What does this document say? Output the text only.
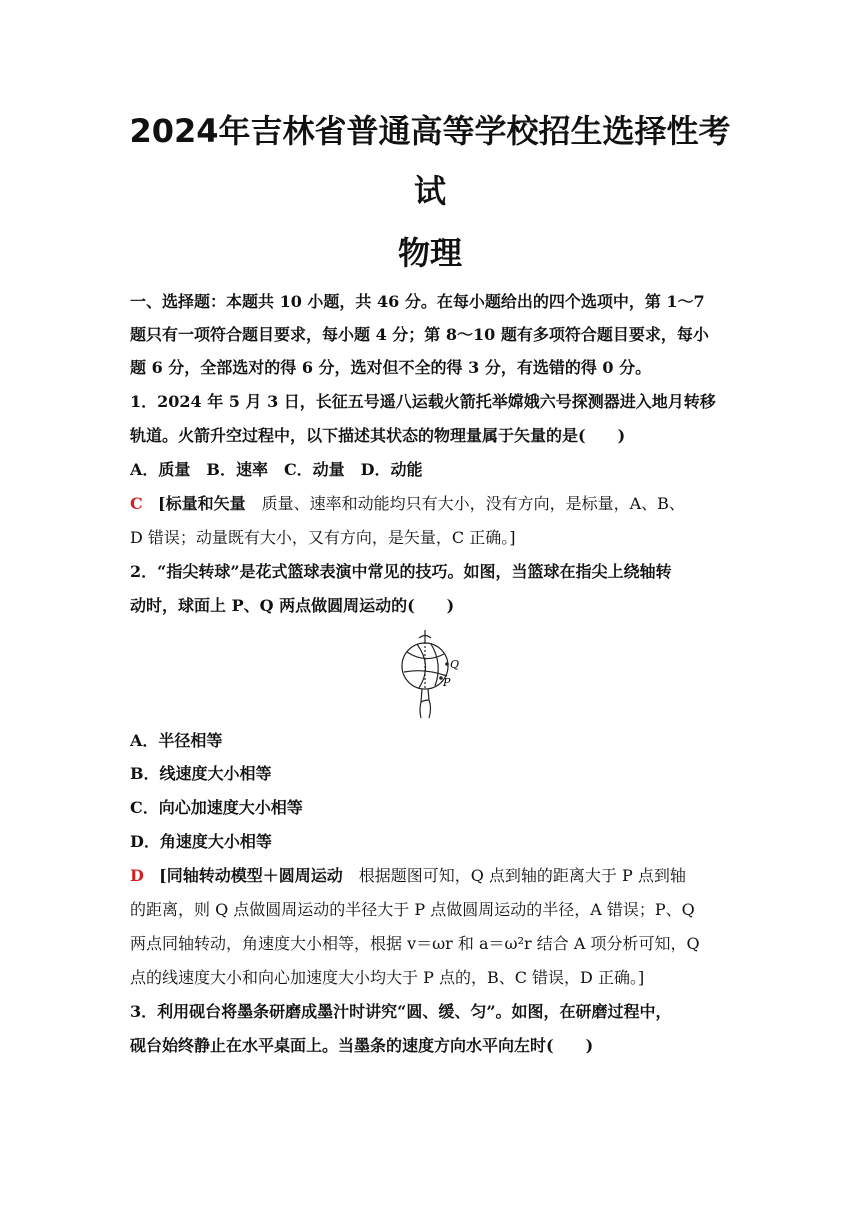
2024年吉林省普通高等学校招生选择性考
试
物理
一、选择题：本题共 10 小题，共 46 分。在每小题给出的四个选项中，第 1～7
题只有一项符合题目要求，每小题 4 分；第 8～10 题有多项符合题目要求，每小
题 6 分，全部选对的得 6 分，选对但不全的得 3 分，有选错的得 0 分。
1．2024 年 5 月 3 日，长征五号遥八运载火箭托举嫦娥六号探测器进入地月转移
轨道。火箭升空过程中，以下描述其状态的物理量属于矢量的是(　　)
A．质量　B．速率　C．动量　D．动能
C [标量和矢量　质量、速率和动能均只有大小，没有方向，是标量，A、B、
D 错误；动量既有大小，又有方向，是矢量，C 正确。]
2．“指尖转球”是花式篮球表演中常见的技巧。如图，当篮球在指尖上绕轴转
动时，球面上 P、Q 两点做圆周运动的(　　)
Q
P
A．半径相等
B．线速度大小相等
C．向心加速度大小相等
D．角速度大小相等
D [同轴转动模型＋圆周运动　根据题图可知，Q 点到轴的距离大于 P 点到轴
的距离，则 Q 点做圆周运动的半径大于 P 点做圆周运动的半径，A 错误；P、Q
两点同轴转动，角速度大小相等，根据 v＝ωr 和 a＝ω²r 结合 A 项分析可知，Q
点的线速度大小和向心加速度大小均大于 P 点的，B、C 错误，D 正确。]
3．利用砚台将墨条研磨成墨汁时讲究“圆、缓、匀”。如图，在研磨过程中，
砚台始终静止在水平桌面上。当墨条的速度方向水平向左时(　　)
